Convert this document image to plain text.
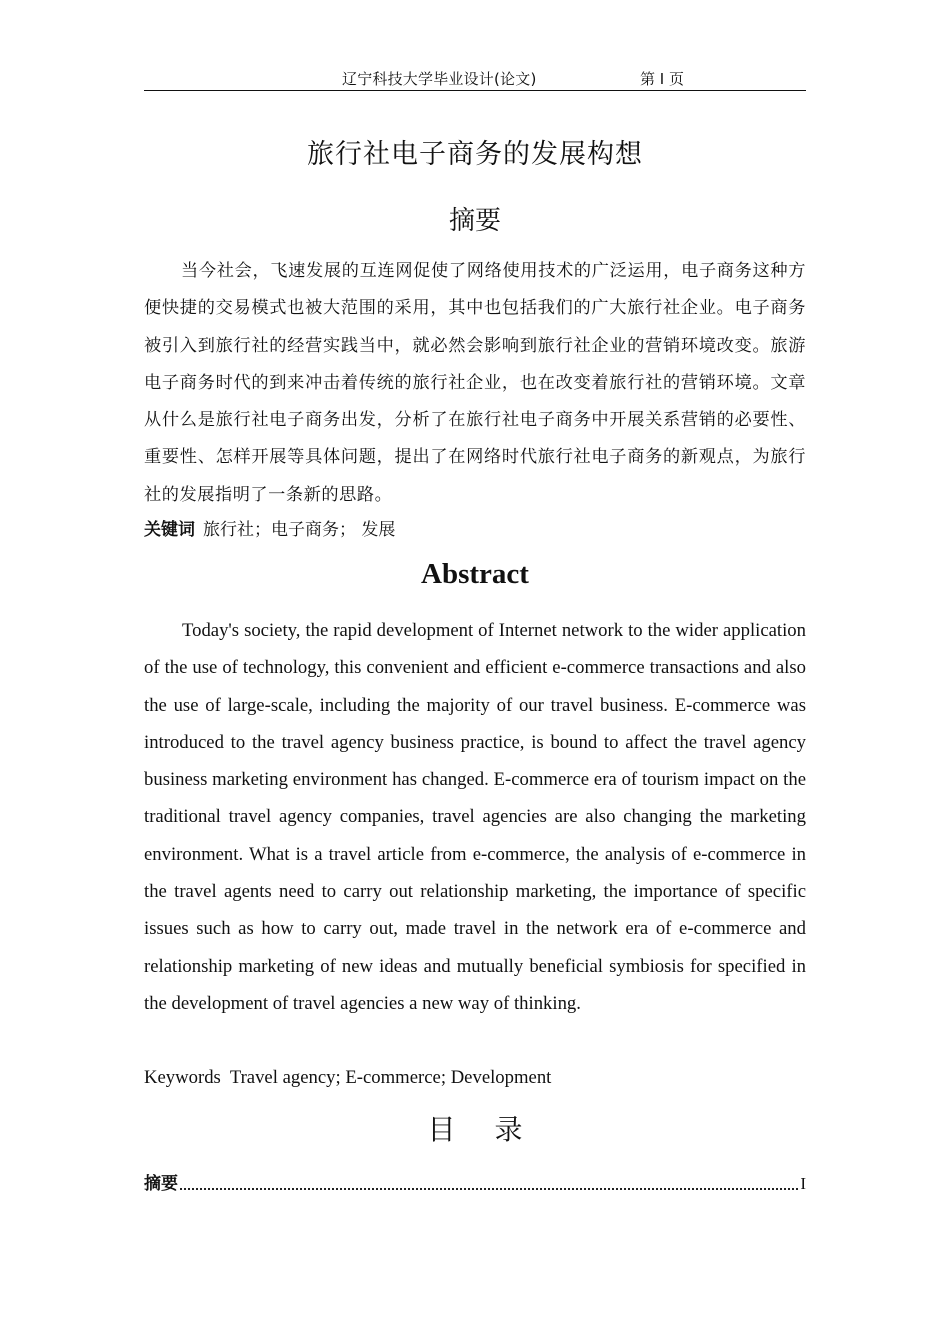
辽宁科技大学毕业设计(论文)	第 I 页
旅行社电子商务的发展构想
摘要

当今社会，飞速发展的互连网促使了网络使用技术的广泛运用，电子商务这种方便快捷的交易模式也被大范围的采用，其中也包括我们的广大旅行社企业。电子商务被引入到旅行社的经营实践当中，就必然会影响到旅行社企业的营销环境改变。旅游电子商务时代的到来冲击着传统的旅行社企业，也在改变着旅行社的营销环境。文章从什么是旅行社电子商务出发，分析了在旅行社电子商务中开展关系营销的必要性、重要性、怎样开展等具体问题，提出了在网络时代旅行社电子商务的新观点，为旅行社的发展指明了一条新的思路。

关键词 旅行社；电子商务； 发展
Abstract

Today's society, the rapid development of Internet network to the wider application of the use of technology, this convenient and efficient e-commerce transactions and also the use of large-scale, including the majority of our travel business. E-commerce was introduced to the travel agency business practice, is bound to affect the travel agency business marketing environment has changed. E-commerce era of tourism impact on the traditional travel agency companies, travel agencies are also changing the marketing environment. What is a travel article from e-commerce, the analysis of e-commerce in the travel agents need to carry out relationship marketing, the importance of specific issues such as how to carry out, made travel in the network era of e-commerce and relationship marketing of new ideas and mutually beneficial symbiosis for specified in the development of travel agencies a new way of thinking.

Keywords  Travel agency; E-commerce; Development
目 录
摘要	I
